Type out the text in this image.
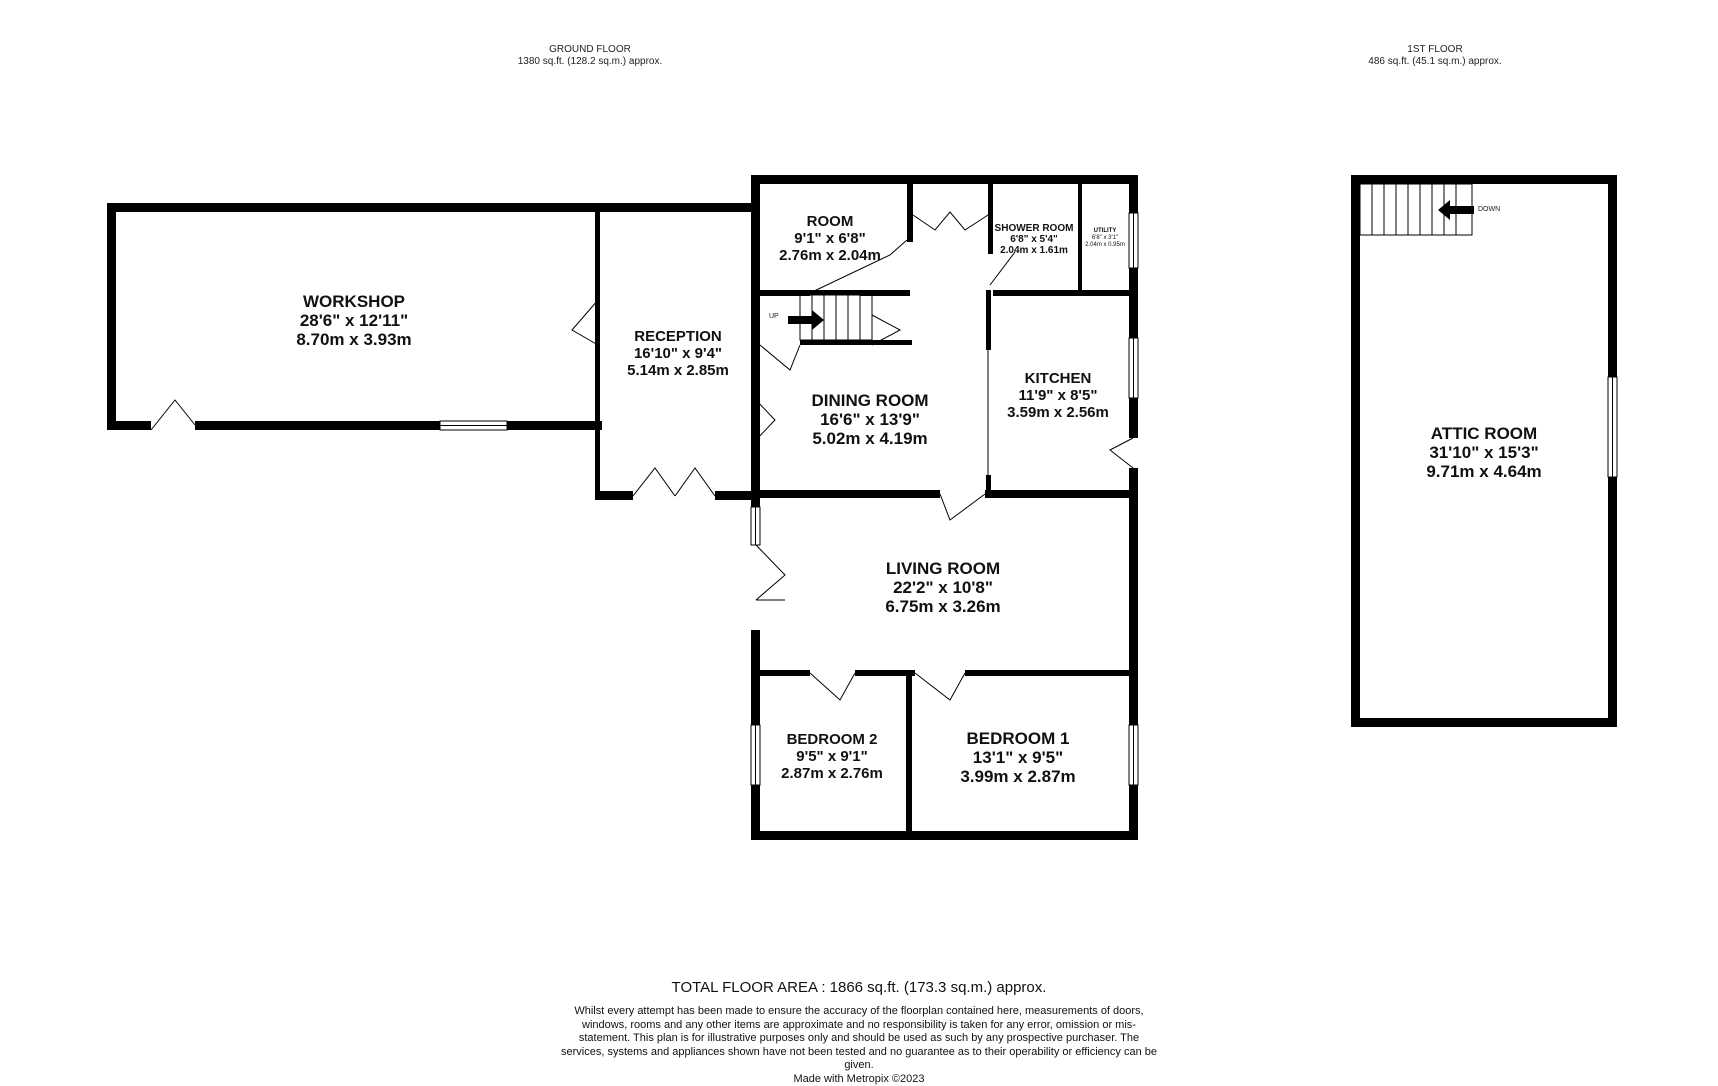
GROUND FLOOR
1380 sq.ft. (128.2 sq.m.) approx.
1ST FLOOR
486 sq.ft. (45.1 sq.m.) approx.
UP
DOWN
WORKSHOP
28'6" x 12'11"
8.70m x 3.93m	RECEPTION
16'10" x 9'4"
5.14m x 2.85m
ROOM
9'1" x 6'8"
2.76m x 2.04m
SHOWER ROOM
6'8" x 5'4"
2.04m x 1.61m
UTILITY
6'8" x 3'1"
2.04m x 0.95m
DINING ROOM
16'6" x 13'9"
5.02m x 4.19m
KITCHEN
11'9" x 8'5"
3.59m x 2.56m
LIVING ROOM
22'2" x 10'8"
6.75m x 3.26m
BEDROOM 2
9'5" x 9'1"
2.87m x 2.76m
BEDROOM 1
13'1" x 9'5"
3.99m x 2.87m
ATTIC ROOM
31'10" x 15'3"
9.71m x 4.64m
TOTAL FLOOR AREA : 1866 sq.ft. (173.3 sq.m.) approx.
Whilst every attempt has been made to ensure the accuracy of the floorplan contained here, measurements of doors, windows, rooms and any other items are approximate and no responsibility is taken for any error, omission or mis-statement. This plan is for illustrative purposes only and should be used as such by any prospective purchaser. The services, systems and appliances shown have not been tested and no guarantee as to their operability or efficiency can be given.
Made with Metropix ©2023
